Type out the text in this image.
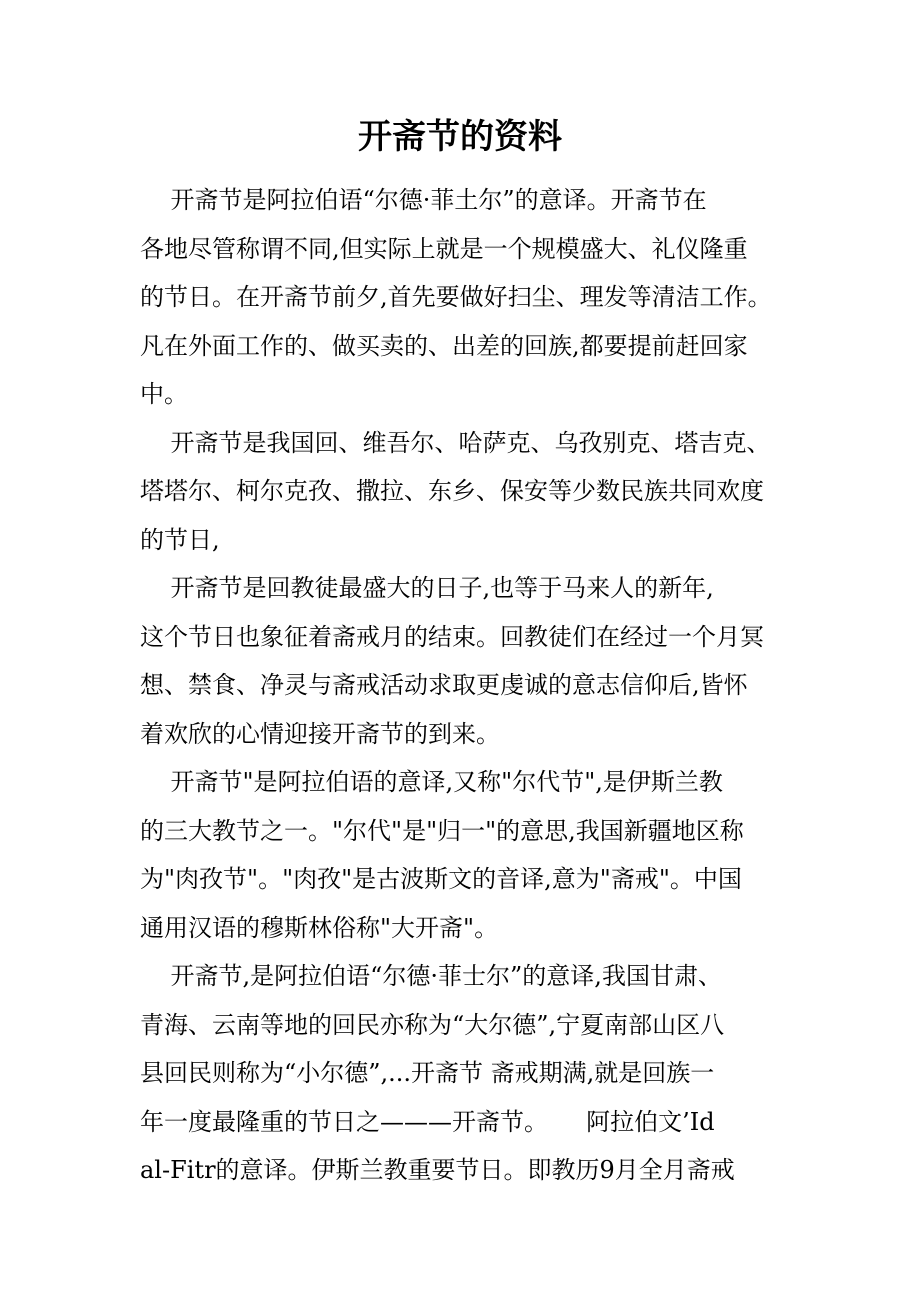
开斋节的资料
开斋节是阿拉伯语“尔德·菲土尔”的意译。开斋节在
各地尽管称谓不同,但实际上就是一个规模盛大、礼仪隆重
的节日。在开斋节前夕,首先要做好扫尘、理发等清洁工作。
凡在外面工作的、做买卖的、出差的回族,都要提前赶回家
中。
开斋节是我国回、维吾尔、哈萨克、乌孜别克、塔吉克、
塔塔尔、柯尔克孜、撒拉、东乡、保安等少数民族共同欢度
的节日,
开斋节是回教徒最盛大的日子,也等于马来人的新年,
这个节日也象征着斋戒月的结束。回教徒们在经过一个月冥
想、禁食、净灵与斋戒活动求取更虔诚的意志信仰后,皆怀
着欢欣的心情迎接开斋节的到来。
开斋节"是阿拉伯语的意译,又称"尔代节",是伊斯兰教
的三大教节之一。"尔代"是"归一"的意思,我国新疆地区称
为"肉孜节"。"肉孜"是古波斯文的音译,意为"斋戒"。中国
通用汉语的穆斯林俗称"大开斋"。
开斋节,是阿拉伯语“尔德·菲士尔”的意译,我国甘肃、
青海、云南等地的回民亦称为“大尔德”,宁夏南部山区八
县回民则称为“小尔德”,...开斋节 斋戒期满,就是回族一
年一度最隆重的节日之———开斋节。     阿拉伯文’Id
al-Fitr的意译。伊斯兰教重要节日。即教历9月全月斋戒
